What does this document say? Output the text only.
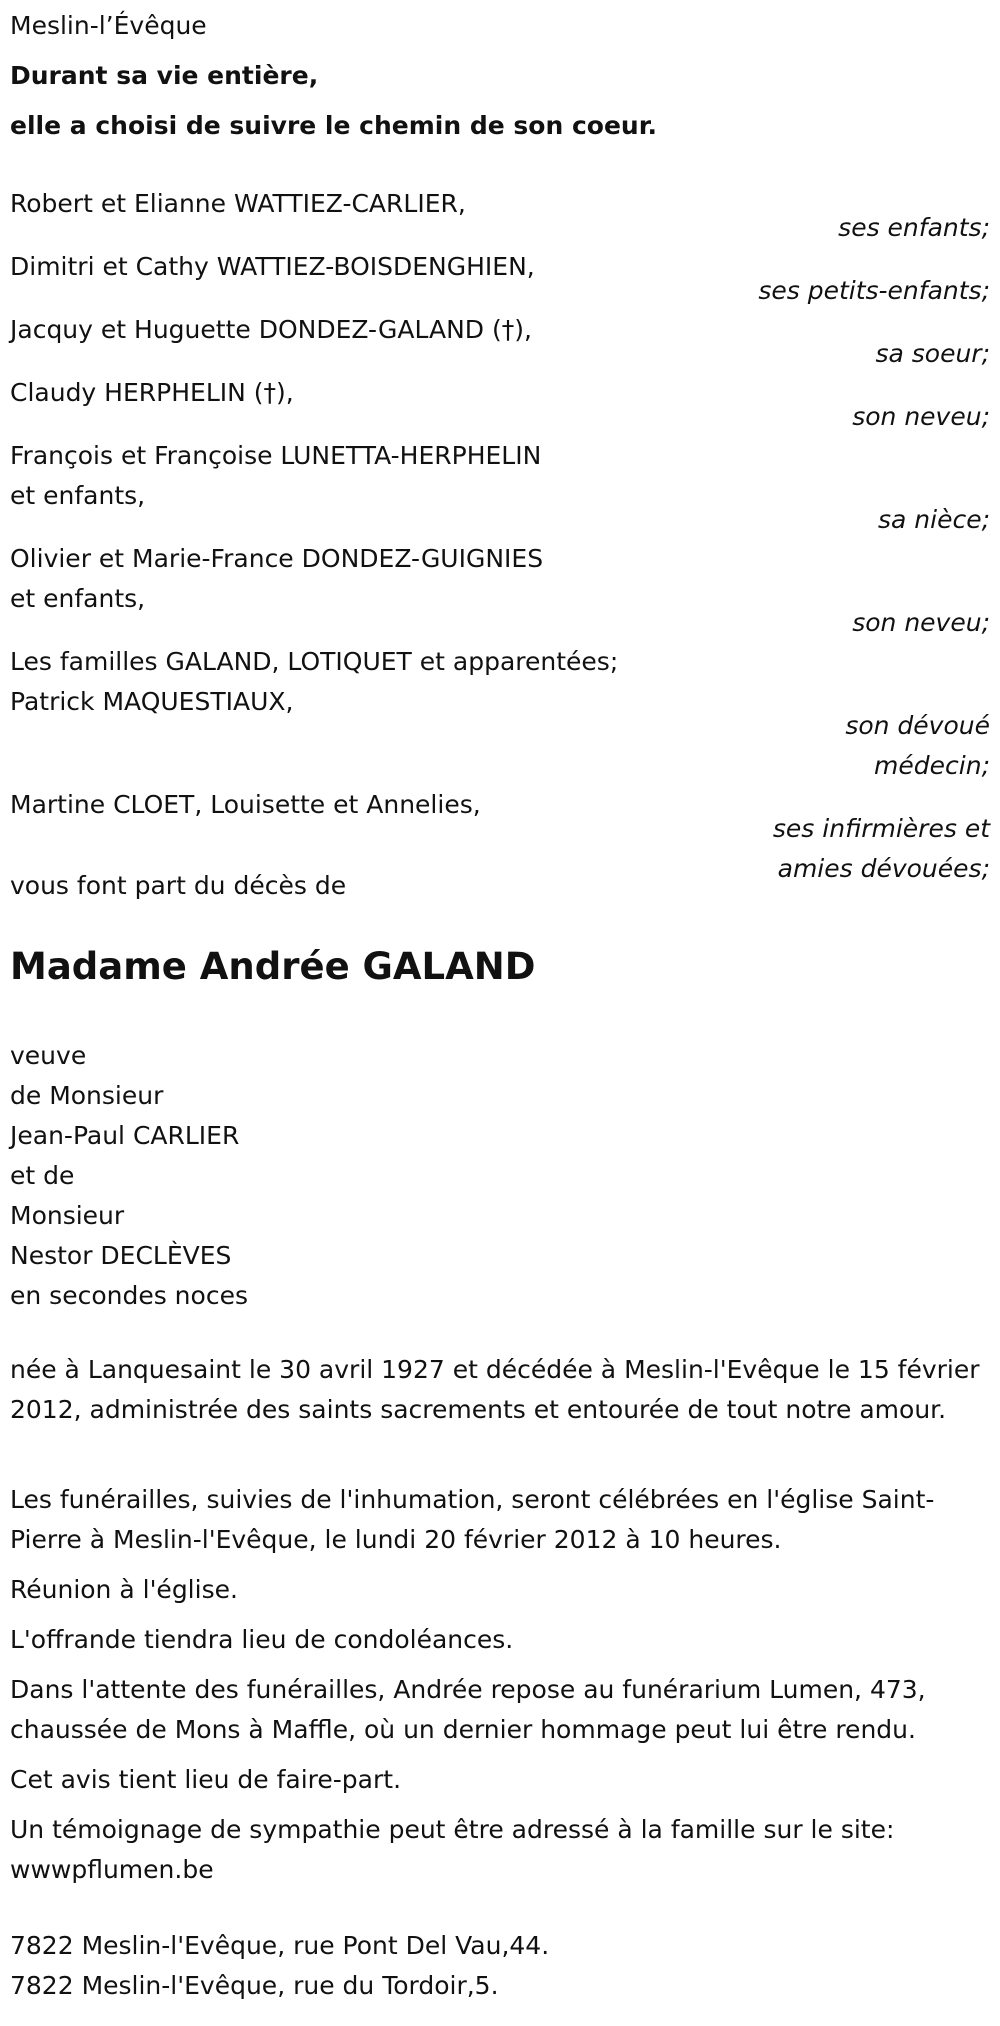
Meslin-l’Évêque
Durant sa vie entière,
elle a choisi de suivre le chemin de son coeur.
Robert et Elianne WATTIEZ-CARLIER,
Dimitri et Cathy WATTIEZ-BOISDENGHIEN,
Jacquy et Huguette DONDEZ-GALAND (†),
Claudy HERPHELIN (†),
François et Françoise LUNETTA-HERPHELIN
et enfants,
Olivier et Marie-France DONDEZ-GUIGNIES
et enfants,
Les familles GALAND, LOTIQUET et apparentées;
Patrick MAQUESTIAUX,
Martine CLOET, Louisette et Annelies,
ses enfants;
ses petits-enfants;
sa soeur;
son neveu;
sa nièce;
son neveu;
son dévoué
médecin;
ses infirmières et
amies dévouées;
vous font part du décès de
Madame Andrée GALAND
veuve
de Monsieur
Jean-Paul CARLIER
et de
Monsieur
Nestor DECLÈVES
en secondes noces
née à Lanquesaint le 30 avril 1927 et décédée à Meslin-l'Evêque le 15 février 2012, administrée des saints sacrements et entourée de tout notre amour.
Les funérailles, suivies de l'inhumation, seront célébrées en l'église Saint-Pierre à Meslin-l'Evêque, le lundi 20 février 2012 à 10 heures.
Réunion à l'église.
L'offrande tiendra lieu de condoléances.
Dans l'attente des funérailles, Andrée repose au funérarium Lumen, 473, chaussée de Mons à Maffle, où un dernier hommage peut lui être rendu.
Cet avis tient lieu de faire-part.
Un témoignage de sympathie peut être adressé à la famille sur le site: wwwpflumen.be
7822 Meslin-l'Evêque, rue Pont Del Vau,44.
7822 Meslin-l'Evêque, rue du Tordoir,5.
